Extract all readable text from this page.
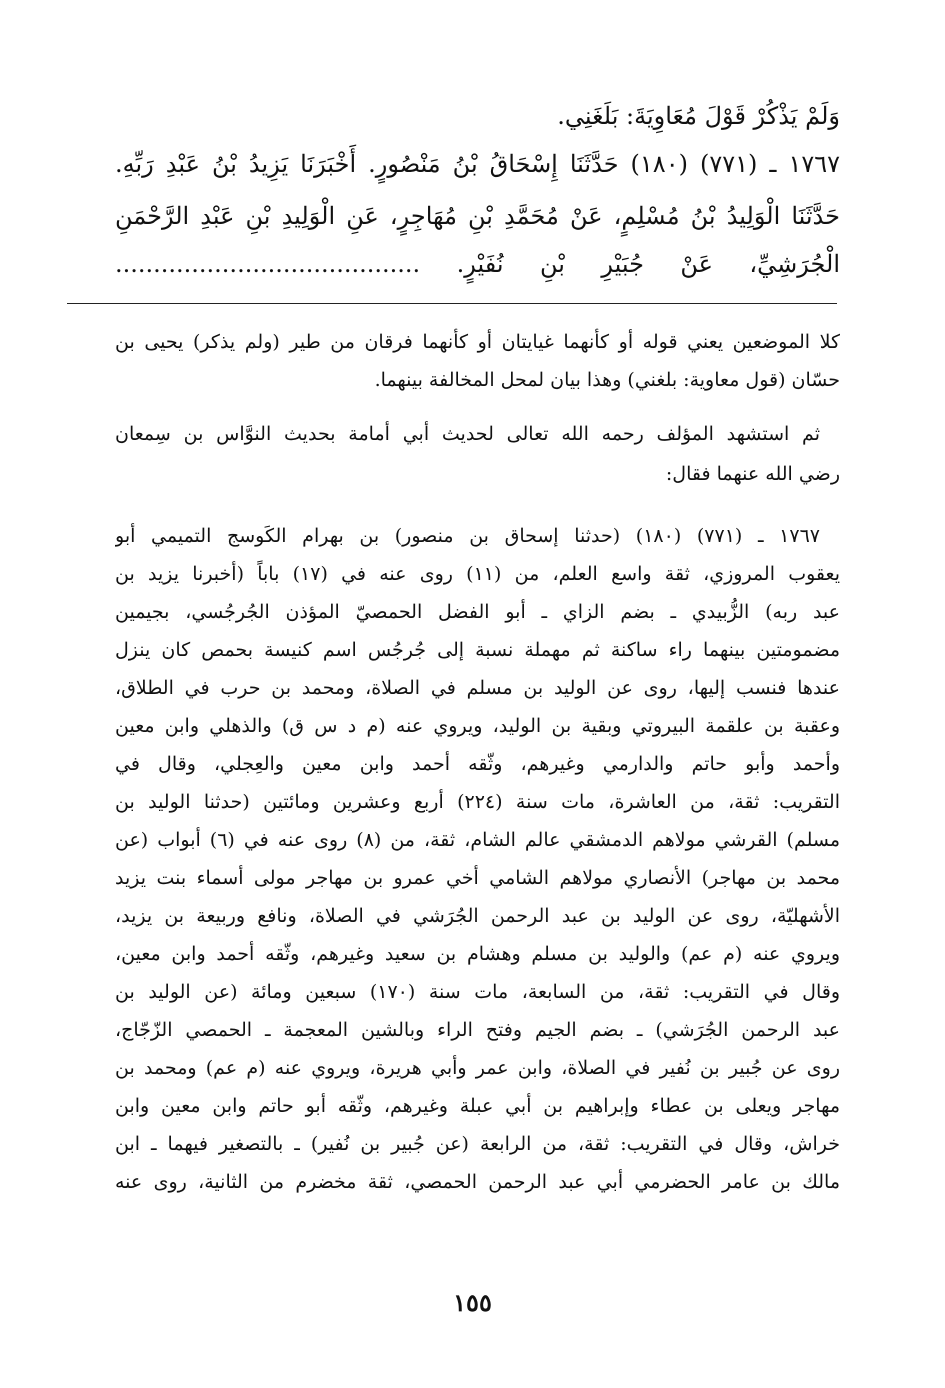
وَلَمْ يَذْكُرْ قَوْلَ مُعَاوِيَةَ: بَلَغَنِي.
١٧٦٧ ـ (٧٧١) (١٨٠) حَدَّثَنَا إِسْحَاقُ بْنُ مَنْصُورٍ. أَخْبَرَنَا يَزِيدُ بْنُ عَبْدِ رَبِّهِ.
حَدَّثَنَا الْوَلِيدُ بْنُ مُسْلِمٍ، عَنْ مُحَمَّدِ بْنِ مُهَاجِرٍ، عَنِ الْوَلِيدِ بْنِ عَبْدِ الرَّحْمَنِ
الْجُرَشِيِّ، عَنْ جُبَيْرِ بْنِ نُفَيْرٍ. ........................................
كلا الموضعين يعني قوله أو كأنهما غيايتان أو كأنهما فرقان من طير (ولم يذكر) يحيى بن
حسّان (قول معاوية: بلغني) وهذا بيان لمحل المخالفة بينهما.
ثم استشهد المؤلف رحمه الله تعالى لحديث أبي أمامة بحديث النوَّاس بن سِمعان
رضي الله عنهما فقال:
١٧٦٧ ـ (٧٧١) (١٨٠) (حدثنا إسحاق بن منصور) بن بهرام الكَوسج التميمي أبو
يعقوب المروزي، ثقة واسع العلم، من (١١) روى عنه في (١٧) باباً (أخبرنا يزيد بن
عبد ربه) الزُّبيدي ـ بضم الزاي ـ أبو الفضل الحمصيّ المؤذن الجُرجُسي، بجيمين
مضمومتين بينهما راء ساكنة ثم مهملة نسبة إلى جُرجُس اسم كنيسة بحمص كان ينزل
عندها فنسب إليها، روى عن الوليد بن مسلم في الصلاة، ومحمد بن حرب في الطلاق،
وعقبة بن علقمة البيروتي وبقية بن الوليد، ويروي عنه (م د س ق) والذهلي وابن معين
وأحمد وأبو حاتم والدارمي وغيرهم، وثّقه أحمد وابن معين والعِجلي، وقال في
التقريب: ثقة، من العاشرة، مات سنة (٢٢٤) أربع وعشرين ومائتين (حدثنا الوليد بن
مسلم) القرشي مولاهم الدمشقي عالم الشام، ثقة، من (٨) روى عنه في (٦) أبواب (عن
محمد بن مهاجر) الأنصاري مولاهم الشامي أخي عمرو بن مهاجر مولى أسماء بنت يزيد
الأشهليّة، روى عن الوليد بن عبد الرحمن الجُرَشي في الصلاة، ونافع وربيعة بن يزيد،
ويروي عنه (م عم) والوليد بن مسلم وهشام بن سعيد وغيرهم، وثّقه أحمد وابن معين،
وقال في التقريب: ثقة، من السابعة، مات سنة (١٧٠) سبعين ومائة (عن الوليد بن
عبد الرحمن الجُرَشي) ـ بضم الجيم وفتح الراء وبالشين المعجمة ـ الحمصي الزّجّاج،
روى عن جُبير بن نُفير في الصلاة، وابن عمر وأبي هريرة، ويروي عنه (م عم) ومحمد بن
مهاجر ويعلى بن عطاء وإبراهيم بن أبي عبلة وغيرهم، وثّقه أبو حاتم وابن معين وابن
خراش، وقال في التقريب: ثقة، من الرابعة (عن جُبير بن نُفير) ـ بالتصغير فيهما ـ ابن
مالك بن عامر الحضرمي أبي عبد الرحمن الحمصي، ثقة مخضرم من الثانية، روى عنه
١٥٥
